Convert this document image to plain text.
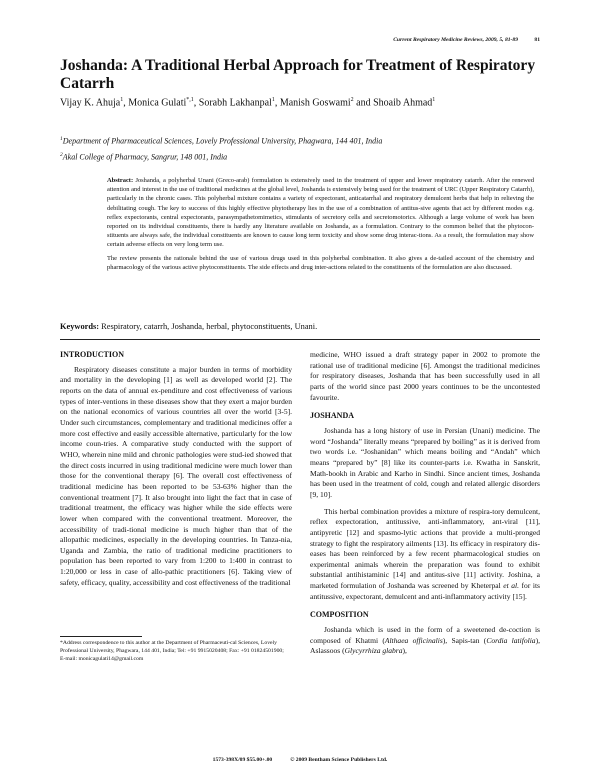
Current Respiratory Medicine Reviews, 2009, 5, 81-89	81
Joshanda: A Traditional Herbal Approach for Treatment of Respiratory Catarrh
Vijay K. Ahuja$^1$, Monica Gulati$^{*,1}$, Sorabh Lakhanpal$^1$, Manish Goswami$^2$ and Shoaib Ahmad$^1$
$^1$Department of Pharmaceutical Sciences, Lovely Professional University, Phagwara, 144 401, India
$^2$Akal College of Pharmacy, Sangrur, 148 001, India

Abstract: Joshanda, a polyherbal Unani (Greco-arab) formulation is extensively used in the treatment of upper and lower respiratory catarrh. After the renewed attention and interest in the use of traditional medicines at the global level, Joshanda is extensively being used for the treatment of URC (Upper Respiratory Catarrh), particularly in the chronic cases. This polyherbal mixture contains a variety of expectorant, anticatarrhal and respiratory demulcent herbs that help in relieving the debilitating cough. The key to success of this highly effective phytotherapy lies in the use of a combination of antitus-sive agents that act by different modes e.g. reflex expectorants, central expectorants, parasympathetomimetics, stimulants of secretory cells and secretomotorics. Although a large volume of work has been reported on its individual constituents, there is hardly any literature available on Joshanda, as a formulation. Contrary to the common belief that the phytocon-stituents are always safe, the individual constituents are known to cause long term toxicity and show some drug interac-tions. As a result, the formulation may show certain adverse effects on very long term use.

The review presents the rationale behind the use of various drugs used in this polyherbal combination. It also gives a de-tailed account of the chemistry and pharmacology of the various active phytoconstituents. The side effects and drug inter-actions related to the constituents of the formulation are also discussed.

Keywords: Respiratory, catarrh, Joshanda, herbal, phytoconstituents, Unani.

INTRODUCTION

Respiratory diseases constitute a major burden in terms of morbidity and mortality in the developing [1] as well as developed world [2]. The reports on the data of annual ex-penditure and cost effectiveness of various types of inter-ventions in these diseases show that they exert a major burden on the national economics of various countries all over the world [3-5]. Under such circumstances, complementary and traditional medicines offer a more cost effective and easily accessible alternative, particularly for the low income coun-tries. A comparative study conducted with the support of WHO, wherein nine mild and chronic pathologies were stud-ied showed that the direct costs incurred in using traditional medicine were much lower than those for the conventional therapy [6]. The overall cost effectiveness of traditional medicine has been reported to be 53-63% higher than the conventional treatment [7]. It also brought into light the fact that in case of traditional treatment, the efficacy was higher while the side effects were lower when compared with the conventional treatment. Moreover, the accessibility of tradi-tional medicine is much higher than that of the allopathic medicines, especially in the developing countries. In Tanza-nia, Uganda and Zambia, the ratio of traditional medicine practitioners to population has been reported to vary from 1:200 to 1:400 in contrast to 1:20,000 or less in case of allo-pathic practitioners [6]. Taking view of safety, efficacy, quality, accessibility and cost effectiveness of the traditional

medicine, WHO issued a draft strategy paper in 2002 to promote the rational use of traditional medicine [6]. Amongst the traditional medicines for respiratory diseases, Joshanda that has been successfully used in all parts of the world since past 2000 years continues to be the uncontested favourite.

JOSHANDA

Joshanda has a long history of use in Persian (Unani) medicine. The word “Joshanda” literally means “prepared by boiling” as it is derived from two words i.e. “Joshanidan” which means boiling and “Andah” which means “prepared by” [8] like its counter-parts i.e. Kwatha in Sanskrit, Math-bookh in Arabic and Karho in Sindhi. Since ancient times, Joshanda has been used in the treatment of cold, cough and related allergic disorders [9, 10].

This herbal combination provides a mixture of respira-tory demulcent, reflex expectoration, antitussive, anti-inflammatory, ant-viral [11], antipyretic [12] and spasmo-lytic actions that provide a multi-pronged strategy to fight the respiratory ailments [13]. Its efficacy in respiratory dis-eases has been reinforced by a few recent pharmacological studies on experimental animals wherein the preparation was found to exhibit substantial antihistaminic [14] and antitus-sive [11] activity. Joshina, a marketed formulation of Joshanda was screened by Kheterpal et al. for its antitussive, expectorant, demulcent and anti-inflammatory activity [15].

COMPOSITION

Joshanda which is used in the form of a sweetened de-coction is composed of Khatmi (Althaea officinalis), Sapis-tan (Cordia latifolia), Aslassoos (Glycyrrhiza glabra),

*Address correspondence to this author at the Department of Pharmaceuti-cal Sciences, Lovely Professional University, Phagwara, 144 401, India; Tel: +91 9915020408; Fax: +91 01824501900;
E-mail: monicagulati14@gmail.com
1573-398X/09 $55.00+.00	© 2009 Bentham Science Publishers Ltd.
